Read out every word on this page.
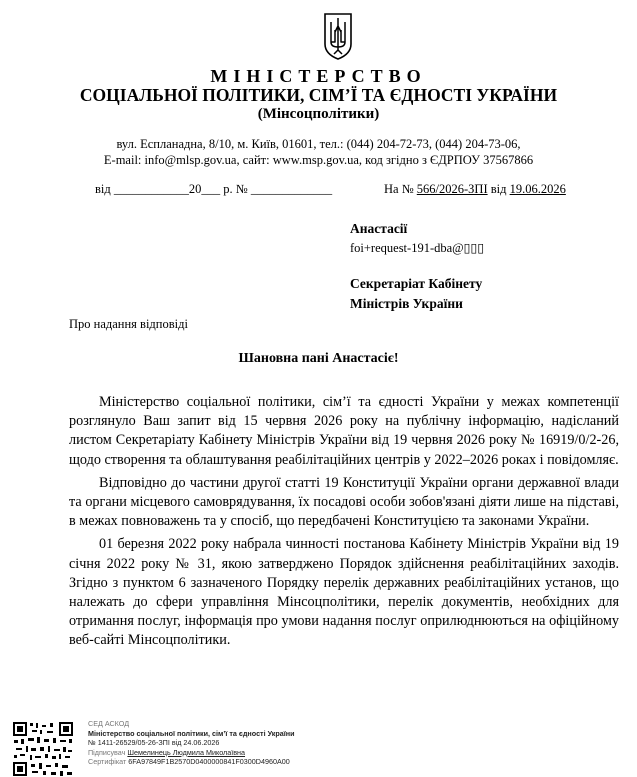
МІНІСТЕРСТВО
СОЦІАЛЬНОЇ ПОЛІТИКИ, СІМ’Ї ТА ЄДНОСТІ УКРАЇНИ
(Мінсоцполітики)
вул. Еспланадна, 8/10, м. Київ, 01601, тел.: (044) 204-72-73, (044) 204-73-06,
E-mail: info@mlsp.gov.ua, сайт: www.msp.gov.ua, код згідно з ЄДРПОУ 37567866
від ____________20___ р. № _____________	На № 566/2026-ЗПІ від 19.06.2026
Анастасії
foi+request-191-dba@▯▯▯
Секретаріат Кабінету
Міністрів України
Про надання відповіді
Шановна пані Анастасіє!

Міністерство соціальної політики, сім’ї та єдності України у межах компетенції розглянуло Ваш запит від 15 червня 2026 року на публічну інформацію, надісланий листом Секретаріату Кабінету Міністрів України від 19 червня 2026 року № 16919/0/2-26, щодо створення та облаштування реабілітаційних центрів у 2022–2026 роках і повідомляє.

Відповідно до частини другої статті 19 Конституції України органи державної влади та органи місцевого самоврядування, їх посадові особи зобов'язані діяти лише на підставі, в межах повноважень та у спосіб, що передбачені Конституцією та законами України.

01 березня 2022 року набрала чинності постанова Кабінету Міністрів України від 19 січня 2022 року № 31, якою затверджено Порядок здійснення реабілітаційних заходів. Згідно з пунктом 6 зазначеного Порядку перелік державних реабілітаційних установ, що належать до сфери управління Мінсоцполітики, перелік документів, необхідних для отримання послуг, інформація про умови надання послуг оприлюднюються на офіційному веб-сайті Мінсоцполітики.

СЕД АСКОД
Міністерство соціальної політики, сім’ї та єдності України
№ 1411-26529/05-26-ЗПІ від 24.06.2026
Підписувач Шемелинець Людмила Миколаївна
Сертифікат 6FA97849F1B2570D0400000841F0300D4960A00
